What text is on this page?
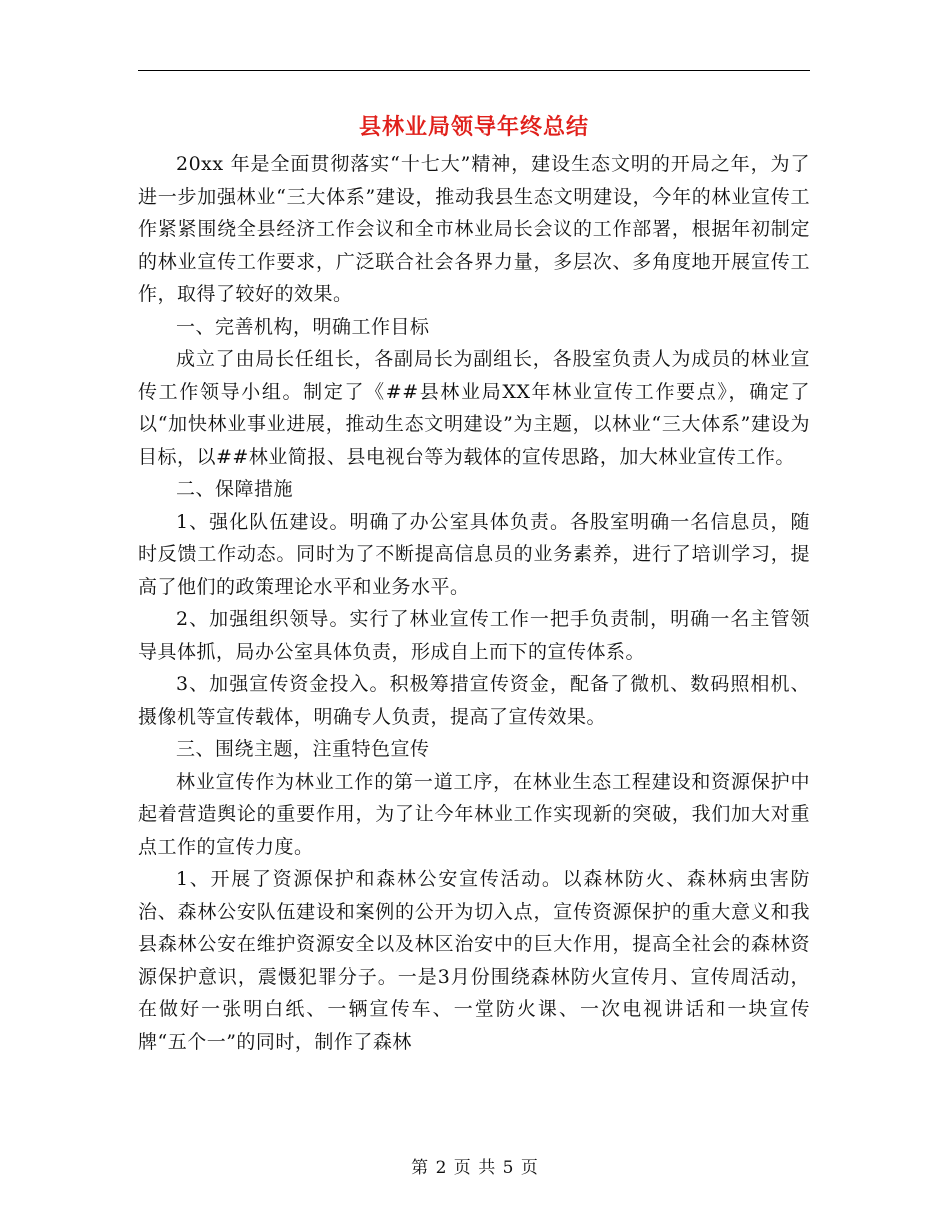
县林业局领导年终总结

20xx 年是全面贯彻落实“十七大”精神，建设生态文明的开局之年，为了进一步加强林业“三大体系”建设，推动我县生态文明建设，今年的林业宣传工作紧紧围绕全县经济工作会议和全市林业局长会议的工作部署，根据年初制定的林业宣传工作要求，广泛联合社会各界力量，多层次、多角度地开展宣传工作，取得了较好的效果。

一、完善机构，明确工作目标

成立了由局长任组长，各副局长为副组长，各股室负责人为成员的林业宣传工作领导小组。制定了《##县林业局XX年林业宣传工作要点》，确定了以“加快林业事业进展，推动生态文明建设”为主题，以林业“三大体系”建设为目标，以##林业简报、县电视台等为载体的宣传思路，加大林业宣传工作。

二、保障措施

1、强化队伍建设。明确了办公室具体负责。各股室明确一名信息员，随时反馈工作动态。同时为了不断提高信息员的业务素养，进行了培训学习，提高了他们的政策理论水平和业务水平。

2、加强组织领导。实行了林业宣传工作一把手负责制，明确一名主管领导具体抓，局办公室具体负责，形成自上而下的宣传体系。

3、加强宣传资金投入。积极筹措宣传资金，配备了微机、数码照相机、摄像机等宣传载体，明确专人负责，提高了宣传效果。

三、围绕主题，注重特色宣传

林业宣传作为林业工作的第一道工序，在林业生态工程建设和资源保护中起着营造舆论的重要作用，为了让今年林业工作实现新的突破，我们加大对重点工作的宣传力度。

1、开展了资源保护和森林公安宣传活动。以森林防火、森林病虫害防治、森林公安队伍建设和案例的公开为切入点，宣传资源保护的重大意义和我县森林公安在维护资源安全以及林区治安中的巨大作用，提高全社会的森林资源保护意识，震慑犯罪分子。一是3月份围绕森林防火宣传月、宣传周活动，在做好一张明白纸、一辆宣传车、一堂防火课、一次电视讲话和一块宣传牌“五个一”的同时，制作了森林

第 2 页 共 5 页
